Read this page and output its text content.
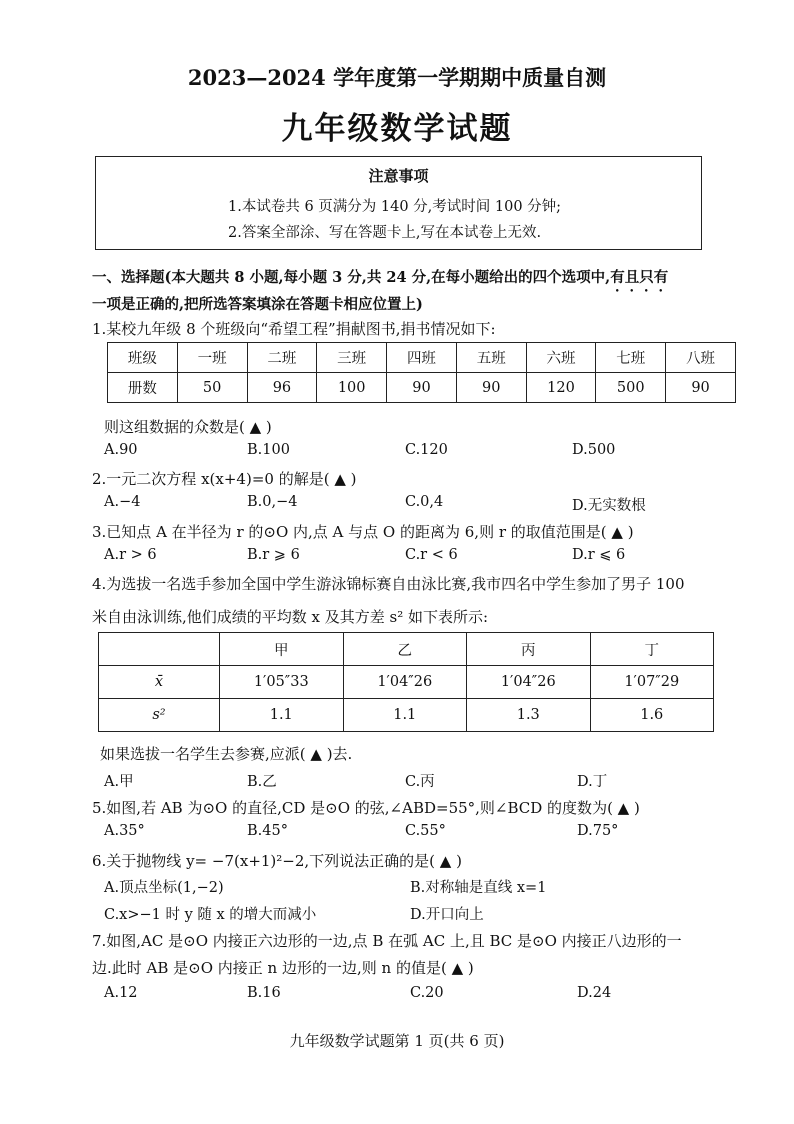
2023—2024 学年度第一学期期中质量自测
九年级数学试题
注意事项
1.本试卷共 6 页满分为 140 分,考试时间 100 分钟;
2.答案全部涂、写在答题卡上,写在本试卷上无效.
一、选择题(本大题共 8 小题,每小题 3 分,共 24 分,在每小题给出的四个选项中,有且只有
一项是正确的,把所选答案填涂在答题卡相应位置上)
1.某校九年级 8 个班级向“希望工程”捐献图书,捐书情况如下:
班级	一班	二班	三班	四班	五班	六班	七班	八班
册数	50	96	100	90	90	120	500	90
则这组数据的众数是( ▲ )
A.90	B.100	C.120	D.500
2.一元二次方程 x(x+4)=0 的解是( ▲ )
A.−4	B.0,−4	C.0,4	D.无实数根
3.已知点 A 在半径为 r 的⊙O 内,点 A 与点 O 的距离为 6,则 r 的取值范围是( ▲ )
A.r > 6	B.r ⩾ 6	C.r < 6	D.r ⩽ 6
4.为选拔一名选手参加全国中学生游泳锦标赛自由泳比赛,我市四名中学生参加了男子 100
米自由泳训练,他们成绩的平均数 x 及其方差 s² 如下表所示:
	甲	乙	丙	丁
x̄	1′05″33	1′04″26	1′04″26	1′07″29
s²	1.1	1.1	1.3	1.6
如果选拔一名学生去参赛,应派( ▲ )去.
A.甲	B.乙	C.丙	D.丁
5.如图,若 AB 为⊙O 的直径,CD 是⊙O 的弦,∠ABD=55°,则∠BCD 的度数为( ▲ )
A.35°	B.45°	C.55°	D.75°
6.关于抛物线 y= −7(x+1)²−2,下列说法正确的是( ▲ )
A.顶点坐标(1,−2)	B.对称轴是直线 x=1
C.x>−1 时 y 随 x 的增大而减小	D.开口向上
7.如图,AC 是⊙O 内接正六边形的一边,点 B 在弧 AC 上,且 BC 是⊙O 内接正八边形的一
边.此时 AB 是⊙O 内接正 n 边形的一边,则 n 的值是( ▲ )
A.12	B.16	C.20	D.24
九年级数学试题第 1 页(共 6 页)
